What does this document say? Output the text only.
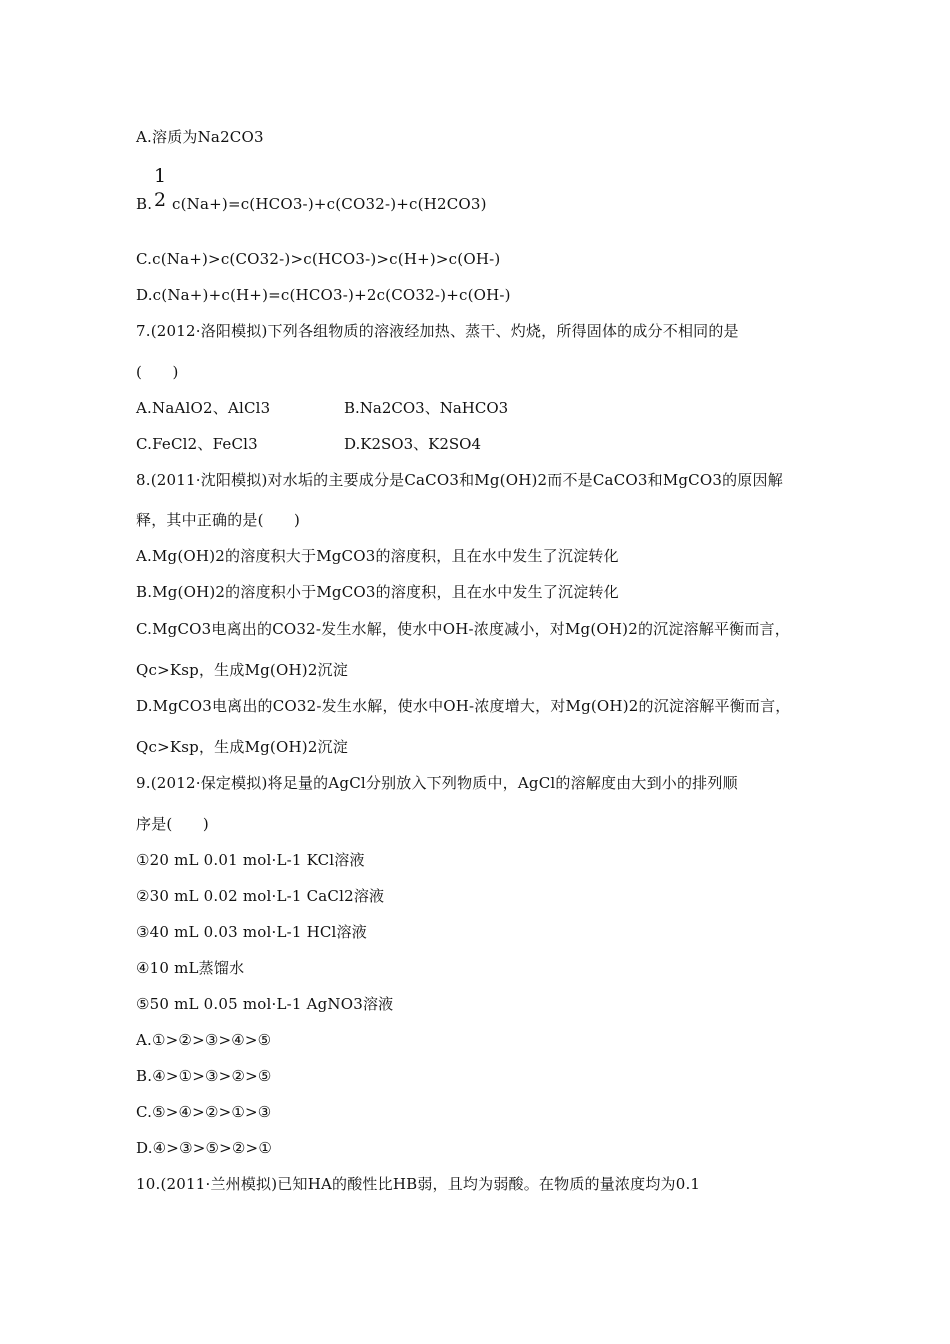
A.溶质为Na2CO3
B.
1
2 c(Na+)=c(HCO3-)+c(CO32-)+c(H2CO3)
C.c(Na+)>c(CO32-)>c(HCO3-)>c(H+)>c(OH-)
D.c(Na+)+c(H+)=c(HCO3-)+2c(CO32-)+c(OH-)
7.(2012·洛阳模拟)下列各组物质的溶液经加热、蒸干、灼烧，所得固体的成分不相同的是
(　　)
A.NaAlO2、AlCl3	B.Na2CO3、NaHCO3
C.FeCl2、FeCl3	D.K2SO3、K2SO4
8.(2011·沈阳模拟)对水垢的主要成分是CaCO3和Mg(OH)2而不是CaCO3和MgCO3的原因解
释，其中正确的是(　　)
A.Mg(OH)2的溶度积大于MgCO3的溶度积，且在水中发生了沉淀转化
B.Mg(OH)2的溶度积小于MgCO3的溶度积，且在水中发生了沉淀转化
C.MgCO3电离出的CO32-发生水解，使水中OH-浓度减小，对Mg(OH)2的沉淀溶解平衡而言，
Qc>Ksp，生成Mg(OH)2沉淀
D.MgCO3电离出的CO32-发生水解，使水中OH-浓度增大，对Mg(OH)2的沉淀溶解平衡而言，
Qc>Ksp，生成Mg(OH)2沉淀
9.(2012·保定模拟)将足量的AgCl分别放入下列物质中，AgCl的溶解度由大到小的排列顺
序是(　　)
①20 mL 0.01 mol·L-1 KCl溶液
②30 mL 0.02 mol·L-1 CaCl2溶液
③40 mL 0.03 mol·L-1 HCl溶液
④10 mL蒸馏水
⑤50 mL 0.05 mol·L-1 AgNO3溶液
A.①>②>③>④>⑤
B.④>①>③>②>⑤
C.⑤>④>②>①>③
D.④>③>⑤>②>①
10.(2011·兰州模拟)已知HA的酸性比HB弱，且均为弱酸。在物质的量浓度均为0.1
